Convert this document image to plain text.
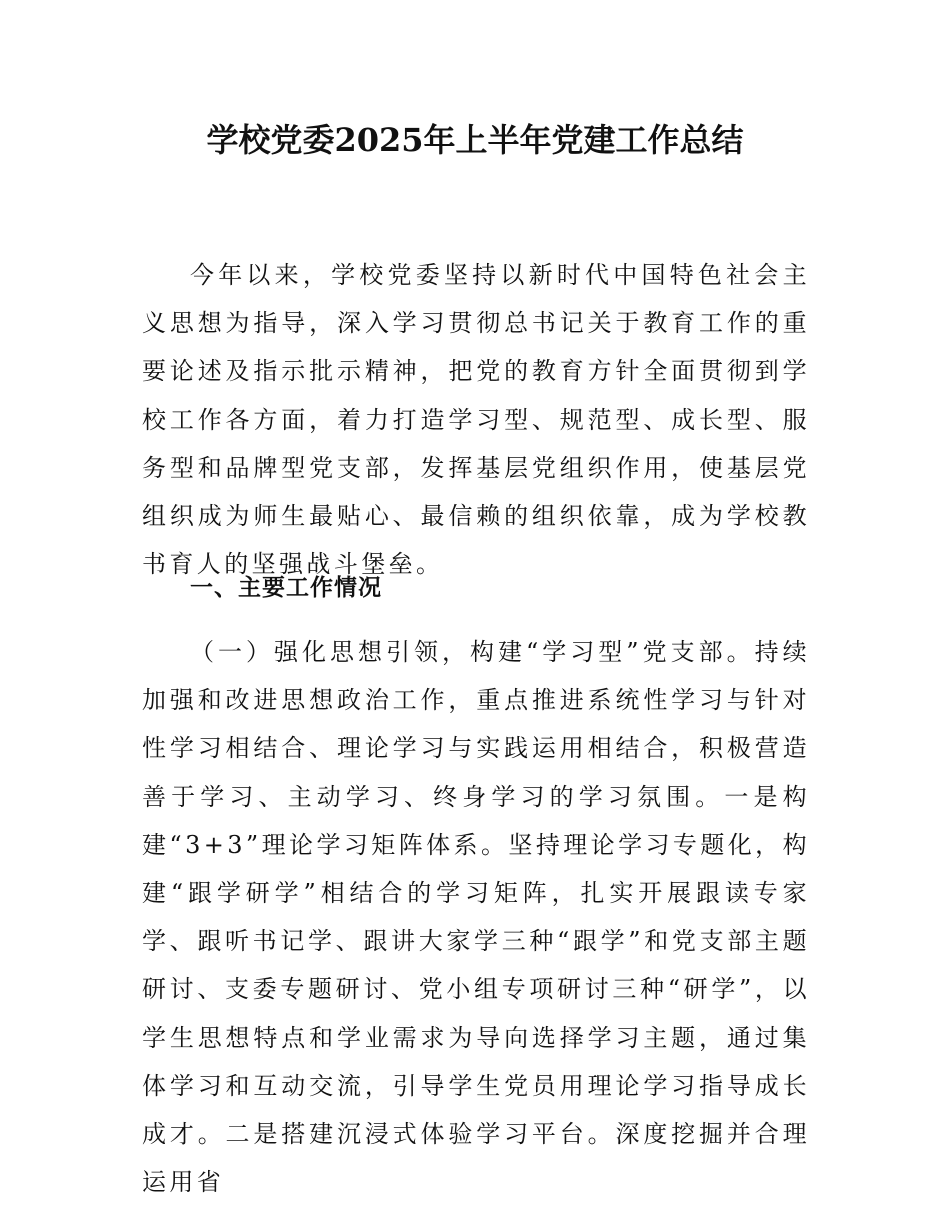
学校党委2025年上半年党建工作总结

今年以来，学校党委坚持以新时代中国特色社会主义思想为指导，深入学习贯彻总书记关于教育工作的重要论述及指示批示精神，把党的教育方针全面贯彻到学校工作各方面，着力打造学习型、规范型、成长型、服务型和品牌型党支部，发挥基层党组织作用，使基层党组织成为师生最贴心、最信赖的组织依靠，成为学校教书育人的坚强战斗堡垒。

一、主要工作情况

（一）强化思想引领，构建“学习型”党支部。持续加强和改进思想政治工作，重点推进系统性学习与针对性学习相结合、理论学习与实践运用相结合，积极营造善于学习、主动学习、终身学习的学习氛围。一是构建“3+3”理论学习矩阵体系。坚持理论学习专题化，构建“跟学研学”相结合的学习矩阵，扎实开展跟读专家学、跟听书记学、跟讲大家学三种“跟学”和党支部主题研讨、支委专题研讨、党小组专项研讨三种“研学”，以学生思想特点和学业需求为导向选择学习主题，通过集体学习和互动交流，引导学生党员用理论学习指导成长成才。二是搭建沉浸式体验学习平台。深度挖掘并合理运用省
